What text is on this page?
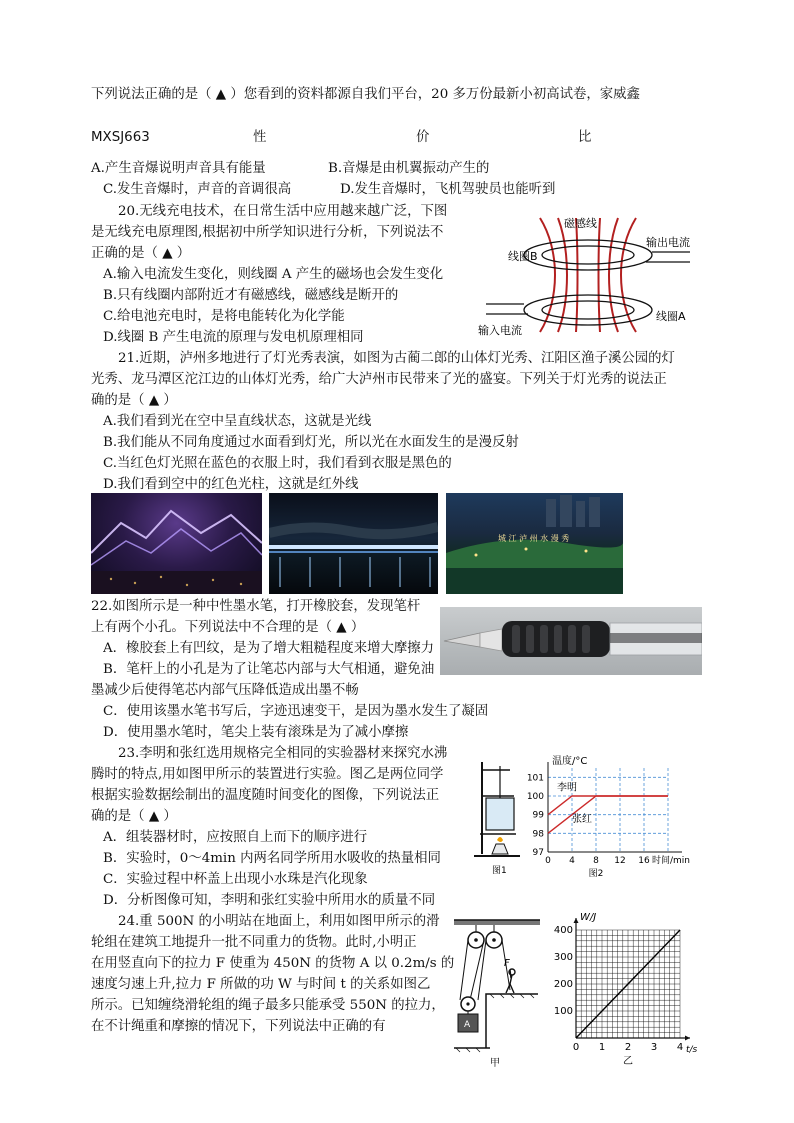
下列说法正确的是（ ▲ ）您看到的资料都源自我们平台，20 多万份最新小初高试卷，家威鑫
MXSJ663	性	价	比
A.产生音爆说明声音具有能量	B.音爆是由机翼振动产生的
C.发生音爆时，声音的音调很高	D.发生音爆时，飞机驾驶员也能听到
20.无线充电技术，在日常生活中应用越来越广泛，下图
是无线充电原理图,根据初中所学知识进行分析，下列说法不
正确的是（ ▲ ）
A.输入电流发生变化，则线圈 A 产生的磁场也会发生变化
B.只有线圈内部附近才有磁感线，磁感线是断开的
C.给电池充电时，是将电能转化为化学能
D.线圈 B 产生电流的原理与发电机原理相同
磁感线
输出电流
线圈B
输入电流
线圈A
21.近期，泸州多地进行了灯光秀表演，如图为古蔺二郎的山体灯光秀、江阳区渔子溪公园的灯
光秀、龙马潭区沱江边的山体灯光秀，给广大泸州市民带来了光的盛宴。下列关于灯光秀的说法正
确的是（ ▲ ）
A.我们看到光在空中呈直线状态，这就是光线
B.我们能从不同角度通过水面看到灯光，所以光在水面发生的是漫反射
C.当红色灯光照在蓝色的衣服上时，我们看到衣服是黑色的
D.我们看到空中的红色光柱，这就是红外线
城 江 泸 州 水 漫 秀
22.如图所示是一种中性墨水笔，打开橡胶套，发现笔杆
上有两个小孔。下列说法中不合理的是（ ▲ ）
A．橡胶套上有凹纹，是为了增大粗糙程度来增大摩擦力
B．笔杆上的小孔是为了让笔芯内部与大气相通，避免油
墨减少后使得笔芯内部气压降低造成出墨不畅
C．使用该墨水笔书写后，字迹迅速变干，是因为墨水发生了凝固
D．使用墨水笔时，笔尖上装有滚珠是为了减小摩擦
23.李明和张红选用规格完全相同的实验器材来探究水沸
腾时的特点,用如图甲所示的装置进行实验。图乙是两位同学
根据实验数据绘制出的温度随时间变化的图像，下列说法正
确的是（ ▲ ）
A．组装器材时，应按照自上而下的顺序进行
B．实验时，0～4min 内两名同学所用水吸收的热量相同
C．实验过程中杯盖上出现小水珠是汽化现象
D．分析图像可知，李明和张红实验中所用水的质量不同
图1
0 4 8 12 16
97
98
99
100
101
温度/°C
时间/min
李明
张红
图2
24.重 500N 的小明站在地面上，利用如图甲所示的滑
轮组在建筑工地提升一批不同重力的货物。此时,小明正
在用竖直向下的拉力 F 使重为 450N 的货物 A 以 0.2m/s 的
速度匀速上升,拉力 F 所做的功 W 与时间 t 的关系如图乙
所示。已知缠绕滑轮组的绳子最多只能承受 550N 的拉力，
在不计绳重和摩擦的情况下，下列说法中正确的有	A
F
甲
0 1 2 3 4
100
200
300
400
W/J
t/s
乙
